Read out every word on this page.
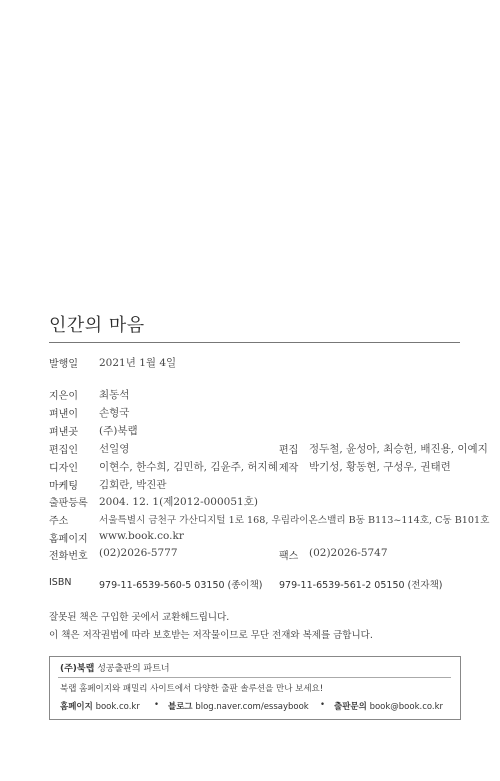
인간의 마음
발행일 2021년 1월 4일
지은이 최동석
펴낸이 손형국
펴낸곳 (주)북랩
편집인 선일영	편집 정두철, 윤성아, 최승헌, 배진용, 이예지
디자인 이현수, 한수희, 김민하, 김윤주, 허지혜 제작 박기성, 황동현, 구성우, 권태련
마케팅 김회란, 박진관
출판등록 2004. 12. 1(제2012-000051호)
주소	서울특별시 금천구 가산디지털 1로 168, 우림라이온스밸리 B동 B113~114호, C동 B101호
홈페이지 www.book.co.kr
전화번호 (02)2026-5777	팩스 (02)2026-5747
ISBN	979-11-6539-560-5 03150 (종이책) 979-11-6539-561-2 05150 (전자책)
잘못된 책은 구입한 곳에서 교환해드립니다.
이 책은 저작권법에 따라 보호받는 저작물이므로 무단 전재와 복제를 금합니다.
(주)북랩 성공출판의 파트너
북랩 홈페이지와 패밀리 사이트에서 다양한 출판 솔루션을 만나 보세요!
홈페이지 book.co.kr • 블로그 blog.naver.com/essaybook • 출판문의 book@book.co.kr
